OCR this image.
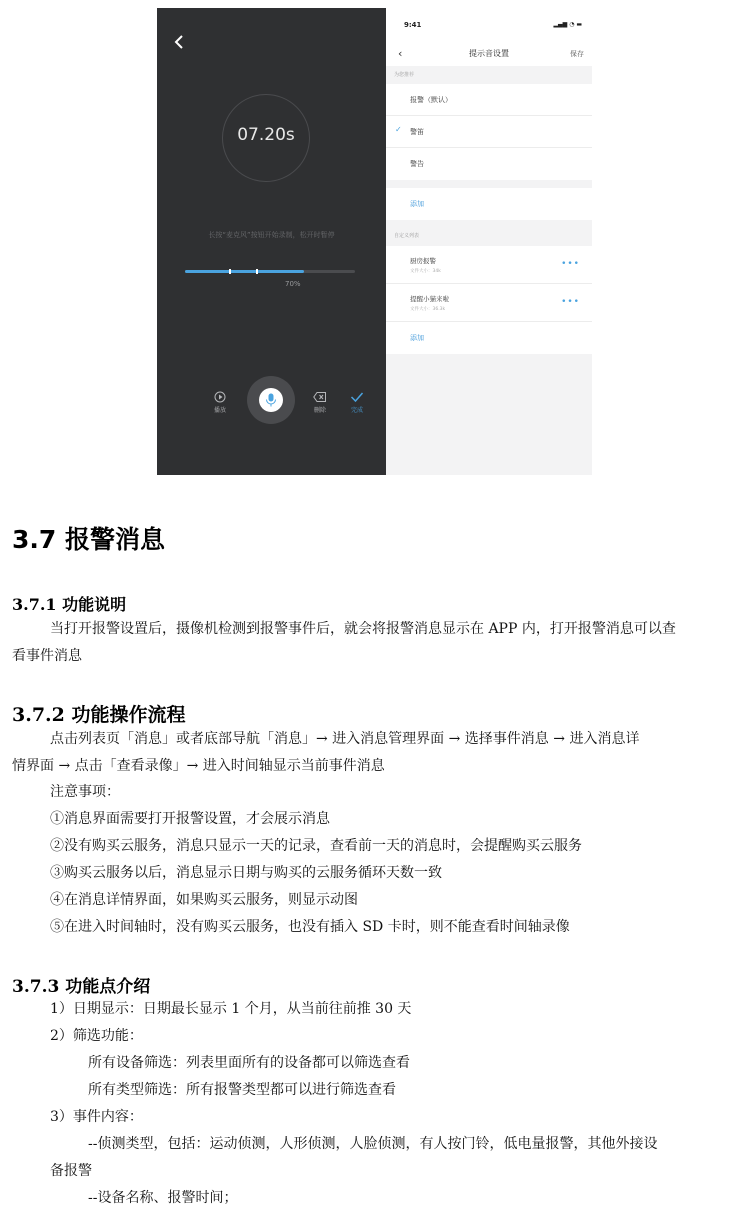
07.20s
长按“麦克风”按钮开始录制，松开时暂停
70%
播放	删除	完成
9:41	▂▄▆ ◔ ▬
‹	提示音设置	保存
为您推荐
报警（默认）
✓ 警笛
警告
添加
自定义列表
厨房报警
文件大小：34k
•••
提醒小猫来啦
文件大小：36.3k
•••
添加
3.7 报警消息
3.7.1 功能说明
当打开报警设置后，摄像机检测到报警事件后，就会将报警消息显示在 APP 内，打开报警消息可以查
看事件消息
3.7.2 功能操作流程
点击列表页「消息」或者底部导航「消息」→ 进入消息管理界面 → 选择事件消息 → 进入消息详
情界面 → 点击「查看录像」→ 进入时间轴显示当前事件消息
注意事项：
①消息界面需要打开报警设置，才会展示消息
②没有购买云服务，消息只显示一天的记录，查看前一天的消息时，会提醒购买云服务
③购买云服务以后，消息显示日期与购买的云服务循环天数一致
④在消息详情界面，如果购买云服务，则显示动图
⑤在进入时间轴时，没有购买云服务，也没有插入 SD 卡时，则不能查看时间轴录像
3.7.3 功能点介绍
1）日期显示：日期最长显示 1 个月，从当前往前推 30 天
2）筛选功能：
所有设备筛选：列表里面所有的设备都可以筛选查看
所有类型筛选：所有报警类型都可以进行筛选查看
3）事件内容：
--侦测类型，包括：运动侦测，人形侦测，人脸侦测，有人按门铃，低电量报警，其他外接设
备报警
--设备名称、报警时间；
